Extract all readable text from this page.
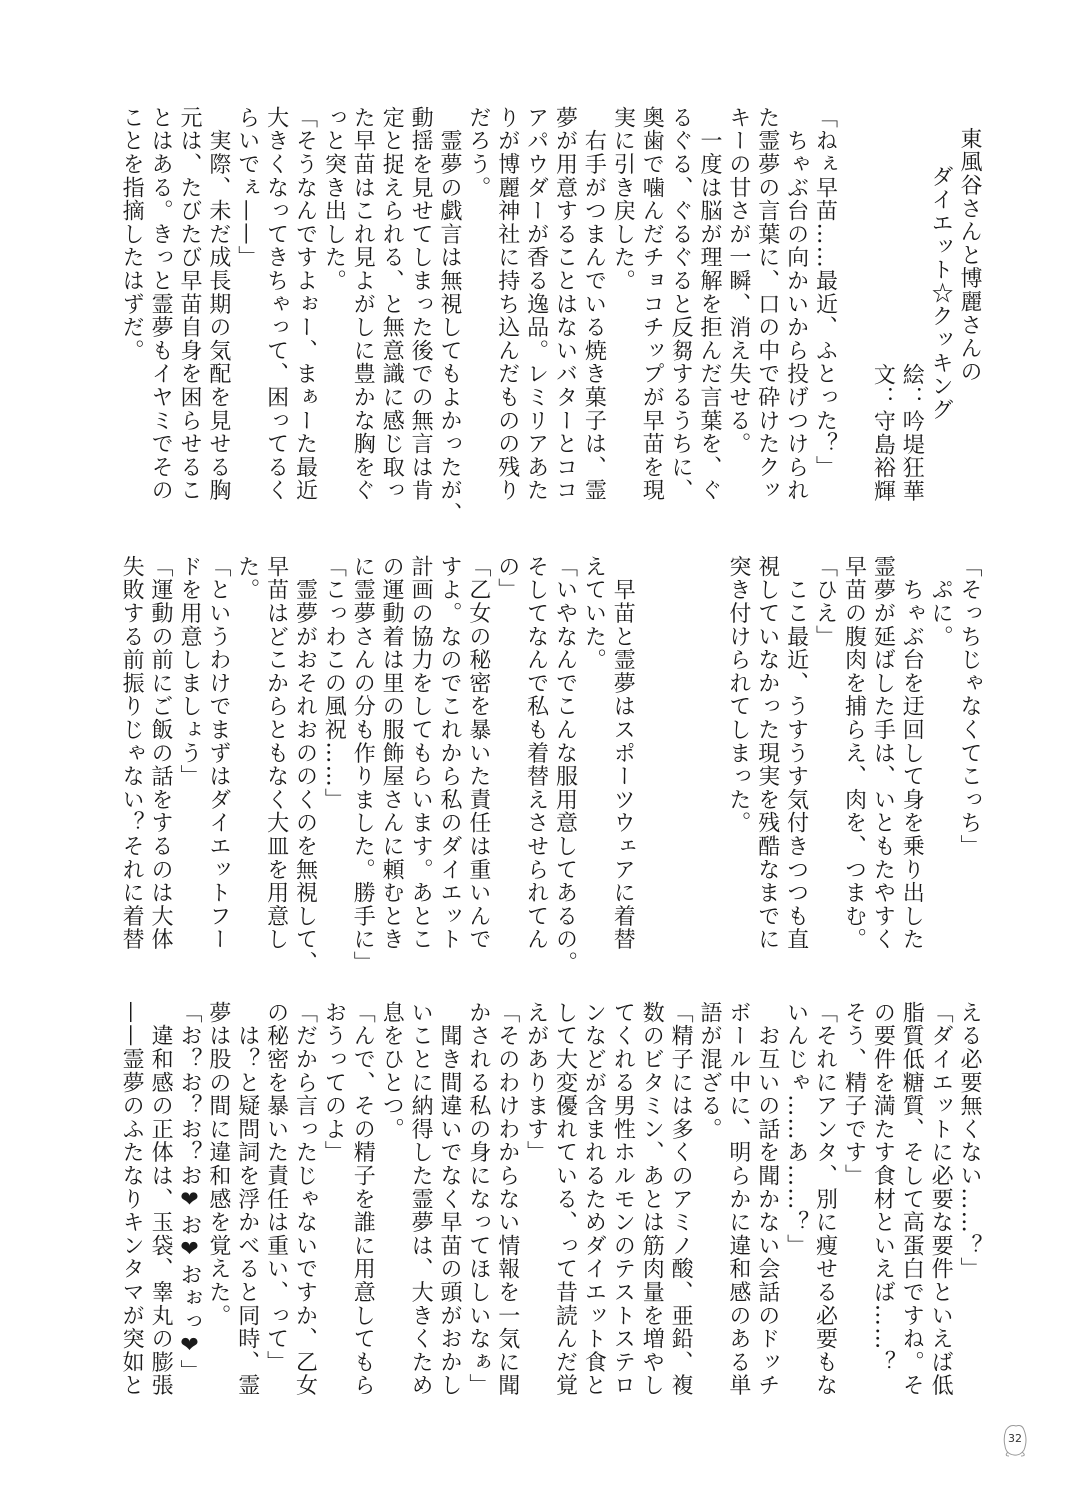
東風谷さんと博麗さんの
ダイエット☆クッキング
絵：吟堤狂華
文：守島裕輝
「ねぇ早苗……最近、ふとった？」
　ちゃぶ台の向かいから投げつけられ
た霊夢の言葉に、口の中で砕けたクッ
キーの甘さが一瞬、消え失せる。
　一度は脳が理解を拒んだ言葉を、ぐ
るぐる、ぐるぐると反芻するうちに、
奥歯で噛んだチョコチップが早苗を現
実に引き戻した。
　右手がつまんでいる焼き菓子は、霊
夢が用意することはないバターとココ
アパウダーが香る逸品。レミリアあた
りが博麗神社に持ち込んだものの残り
だろう。
　霊夢の戯言は無視してもよかったが、
動揺を見せてしまった後での無言は肯
定と捉えられる、と無意識に感じ取っ
た早苗はこれ見よがしに豊かな胸をぐ
っと突き出した。
「そうなんですよぉー、まぁーた最近
大きくなってきちゃって、困ってるく
らいでぇ——」
　実際、未だ成長期の気配を見せる胸
元は、たびたび早苗自身を困らせるこ
とはある。きっと霊夢もイヤミでその
ことを指摘したはずだ。
「そっちじゃなくてこっち」
　ぷに。
　ちゃぶ台を迂回して身を乗り出した
霊夢が延ばした手は、いともたやすく
早苗の腹肉を捕らえ、肉を、つまむ。
「ひえ」
　ここ最近、うすうす気付きつつも直
視していなかった現実を残酷なまでに
突き付けられてしまった。
　早苗と霊夢はスポーツウェアに着替
えていた。
「いやなんでこんな服用意してあるの。
そしてなんで私も着替えさせられてん
の」
「乙女の秘密を暴いた責任は重いんで
すよ。なのでこれから私のダイエット
計画の協力をしてもらいます。あとこ
の運動着は里の服飾屋さんに頼むとき
に霊夢さんの分も作りました。勝手に」
「こっわこの風祝……」
　霊夢がおそれおののくのを無視して、
早苗はどこからともなく大皿を用意し
た。
「というわけでまずはダイエットフー
ドを用意しましょう」
「運動の前にご飯の話をするのは大体
失敗する前振りじゃない？それに着替
える必要無くない……？」
「ダイエットに必要な要件といえば低
脂質低糖質、そして高蛋白ですね。そ
の要件を満たす食材といえば……？
そう、精子です」
「それにアンタ、別に痩せる必要もな
いんじゃ……あ……？」
　お互いの話を聞かない会話のドッチ
ボール中に、明らかに違和感のある単
語が混ざる。
「精子には多くのアミノ酸、亜鉛、複
数のビタミン、あとは筋肉量を増やし
てくれる男性ホルモンのテストステロ
ンなどが含まれるためダイエット食と
して大変優れている、って昔読んだ覚
えがあります」
「そのわけわからない情報を一気に聞
かされる私の身になってほしいなぁ」
　聞き間違いでなく早苗の頭がおかし
いことに納得した霊夢は、大きくため
息をひとつ。
「んで、その精子を誰に用意してもら
おうってのよ」
「だから言ったじゃないですか、乙女
の秘密を暴いた責任は重い、って」
　は？と疑問詞を浮かべると同時、霊
夢は股の間に違和感を覚えた。
「お？お？お？お❤お❤おぉっ❤」
　違和感の正体は、玉袋、睾丸の膨張
——霊夢のふたなりキンタマが突如と
32
